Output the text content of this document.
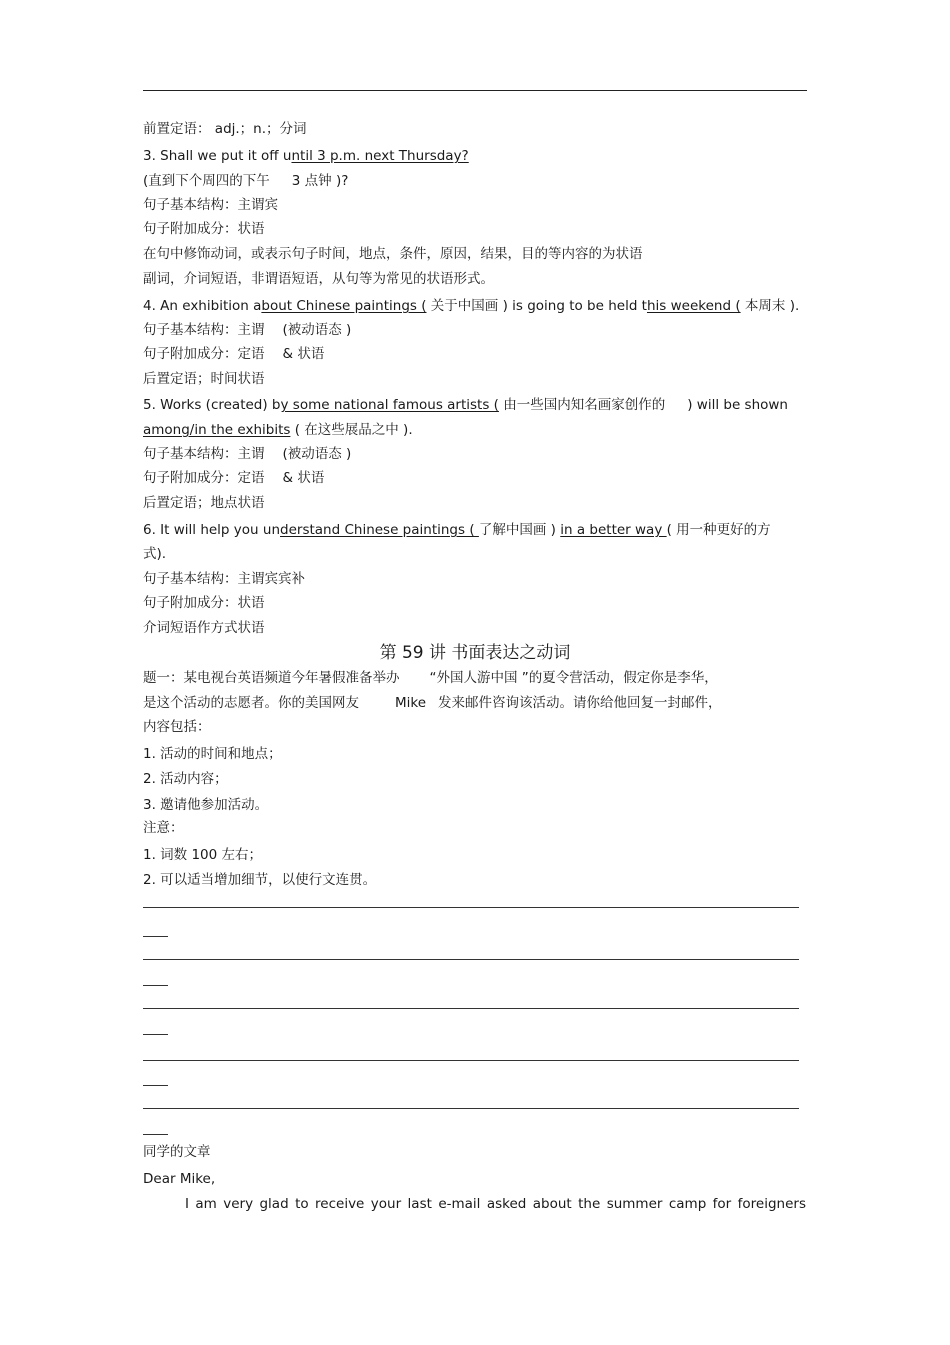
前置定语： adj.；n.；分词
3. Shall we put it off until 3 p.m. next Thursday?
(直到下个周四的下午 3 点钟 )?
句子基本结构：主谓宾
句子附加成分：状语
在句中修饰动词，或表示句子时间，地点，条件，原因，结果，目的等内容的为状语
副词，介词短语，非谓语短语，从句等为常见的状语形式。
4. An exhibition about Chinese paintings ( 关于中国画 ) is going to be held this weekend ( 本周末 ).
句子基本结构：主谓 (被动语态 )
句子附加成分：定语 & 状语
后置定语；时间状语
5. Works (created) by some national famous artists ( 由一些国内知名画家创作的 ) will be shown
among/in the exhibits ( 在这些展品之中 ).
句子基本结构：主谓 (被动语态 )
句子附加成分：定语 & 状语
后置定语；地点状语
6. It will help you understand Chinese paintings ( 了解中国画 ) in a better way ( 用一种更好的方
式).
句子基本结构：主谓宾宾补
句子附加成分：状语
介词短语作方式状语
第 59 讲 书面表达之动词
题一：某电视台英语频道今年暑假准备举办 “外国人游中国 ”的夏令营活动，假定你是李华，
是这个活动的志愿者。你的美国网友	Mike 发来邮件咨询该活动。请你给他回复一封邮件，
内容包括：
1. 活动的时间和地点；
2. 活动内容；
3. 邀请他参加活动。
注意：
1. 词数 100 左右；
2. 可以适当增加细节，以使行文连贯。
同学的文章
Dear Mike,
I am very glad to receive your last e-mail asked about the summer camp for foreigners
